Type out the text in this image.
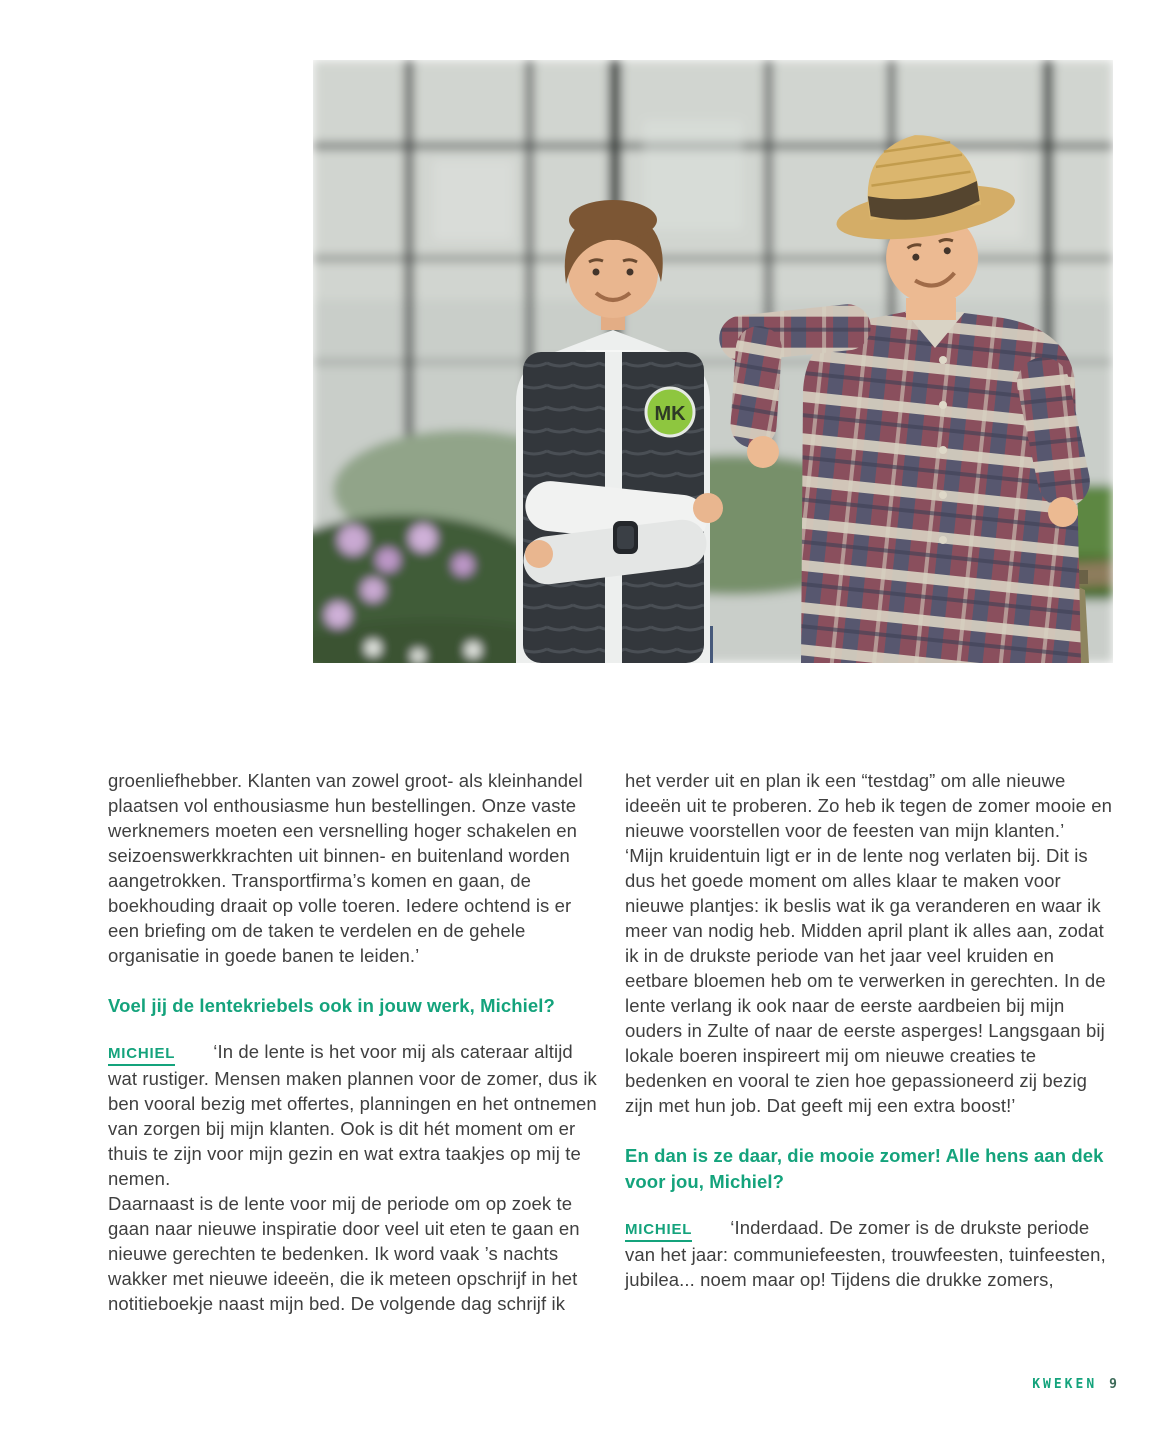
MK

groenliefhebber. Klanten van zowel groot- als kleinhandel plaatsen vol enthousiasme hun bestellingen. Onze vaste werknemers moeten een versnelling hoger schakelen en seizoenswerkkrachten uit binnen- en buitenland worden aangetrokken. Transportfirma’s komen en gaan, de boekhouding draait op volle toeren. Iedere ochtend is er een briefing om de taken te verdelen en de gehele organisatie in goede banen te leiden.’

Voel jij de lentekriebels ook in jouw werk, Michiel?

MICHIEL ‘In de lente is het voor mij als cateraar altijd wat rustiger. Mensen maken plannen voor de zomer, dus ik ben vooral bezig met offertes, planningen en het ontnemen van zorgen bij mijn klanten. Ook is dit hét moment om er thuis te zijn voor mijn gezin en wat extra taakjes op mij te nemen.

Daarnaast is de lente voor mij de periode om op zoek te gaan naar nieuwe inspiratie door veel uit eten te gaan en nieuwe gerechten te bedenken. Ik word vaak ’s nachts wakker met nieuwe ideeën, die ik meteen opschrijf in het notitieboekje naast mijn bed. De volgende dag schrijf ik

het verder uit en plan ik een “testdag” om alle nieuwe ideeën uit te proberen. Zo heb ik tegen de zomer mooie en nieuwe voorstellen voor de feesten van mijn klanten.’

‘Mijn kruidentuin ligt er in de lente nog verlaten bij. Dit is dus het goede moment om alles klaar te maken voor nieuwe plantjes: ik beslis wat ik ga veranderen en waar ik meer van nodig heb. Midden april plant ik alles aan, zodat ik in de drukste periode van het jaar veel kruiden en eetbare bloemen heb om te verwerken in gerechten. In de lente verlang ik ook naar de eerste aardbeien bij mijn ouders in Zulte of naar de eerste asperges! Langsgaan bij lokale boeren inspireert mij om nieuwe creaties te bedenken en vooral te zien hoe gepassioneerd zij bezig zijn met hun job. Dat geeft mij een extra boost!’

En dan is ze daar, die mooie zomer! Alle hens aan dek voor jou, Michiel?

MICHIEL ‘Inderdaad. De zomer is de drukste periode van het jaar: communiefeesten, trouwfeesten, tuinfeesten, jubilea... noem maar op! Tijdens die drukke zomers,

KWEKEN 9
